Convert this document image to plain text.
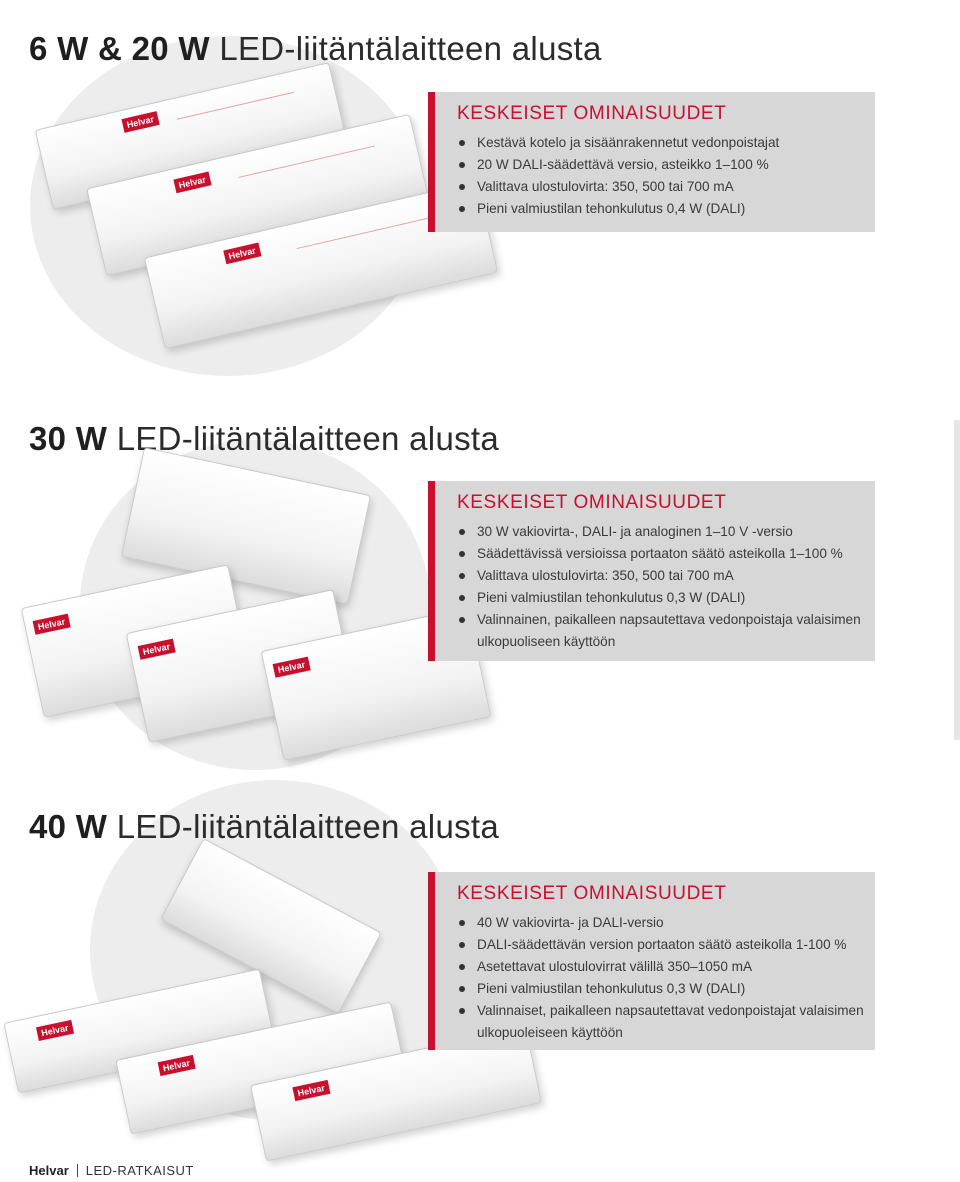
6 W & 20 W LED-liitäntälaitteen alusta
Helvar
Helvar
Helvar
KESKEISET OMINAISUUDET
Kestävä kotelo ja sisäänrakennetut vedonpoistajat
20 W DALI-säädettävä versio, asteikko 1–100 %
Valittava ulostulovirta: 350, 500 tai 700 mA
Pieni valmiustilan tehonkulutus 0,4 W (DALI)
30 W LED-liitäntälaitteen alusta
Helvar
Helvar
Helvar
KESKEISET OMINAISUUDET
30 W vakiovirta-, DALI- ja analoginen 1–10 V -versio
Säädettävissä versioissa portaaton säätö asteikolla 1–100 %
Valittava ulostulovirta: 350, 500 tai 700 mA
Pieni valmiustilan tehonkulutus 0,3 W (DALI)
Valinnainen, paikalleen napsautettava vedonpoistaja valaisimen ulkopuoliseen käyttöön
40 W LED-liitäntälaitteen alusta
Helvar
Helvar
Helvar
KESKEISET OMINAISUUDET
40 W vakiovirta- ja DALI-versio
DALI-säädettävän version portaaton säätö asteikolla 1-100 %
Asetettavat ulostulovirrat välillä 350–1050 mA
Pieni valmiustilan tehonkulutus 0,3 W (DALI)
Valinnaiset, paikalleen napsautettavat vedonpoistajat valaisimen ulkopuoleiseen käyttöön
Helvar LED-RATKAISUT
